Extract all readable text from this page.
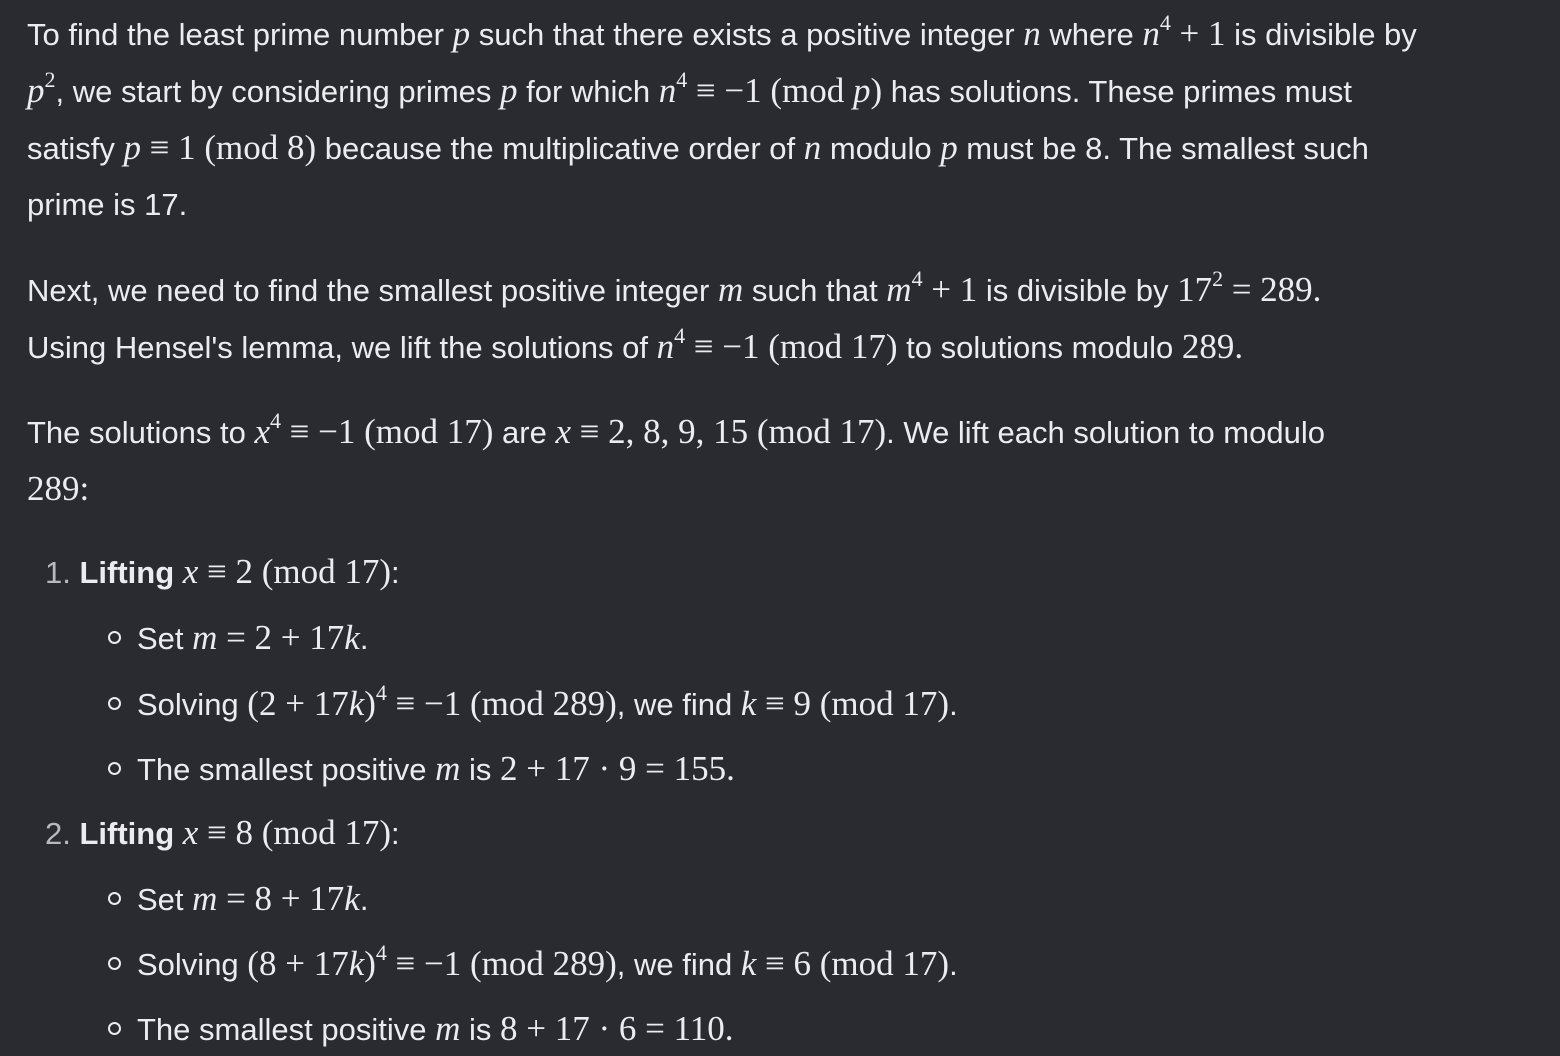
To find the least prime number p such that there exists a positive integer n where $n^4 + 1$ is divisible by
$p^2$, we start by considering primes p for which $n^4 \equiv -1$ (mod p) has solutions. These primes must
satisfy p ≡ 1 (mod 8) because the multiplicative order of n modulo p must be 8. The smallest such
prime is 17.
Next, we need to find the smallest positive integer m such that $m^4 + 1$ is divisible by $17^2 = 289$.
Using Hensel's lemma, we lift the solutions of $n^4 \equiv -1$ (mod 17) to solutions modulo 289.
The solutions to $x^4 \equiv -1$ (mod 17) are x ≡ 2, 8, 9, 15 (mod 17). We lift each solution to modulo
289:
1. Lifting x ≡ 2 (mod 17):
Set m = 2 + 17k.
Solving $(2 + 17k)^4 \equiv -1$ (mod 289), we find k ≡ 9 (mod 17).
The smallest positive m is 2 + 17 · 9 = 155.
2. Lifting x ≡ 8 (mod 17):
Set m = 8 + 17k.
Solving $(8 + 17k)^4 \equiv -1$ (mod 289), we find k ≡ 6 (mod 17).
The smallest positive m is 8 + 17 · 6 = 110.
